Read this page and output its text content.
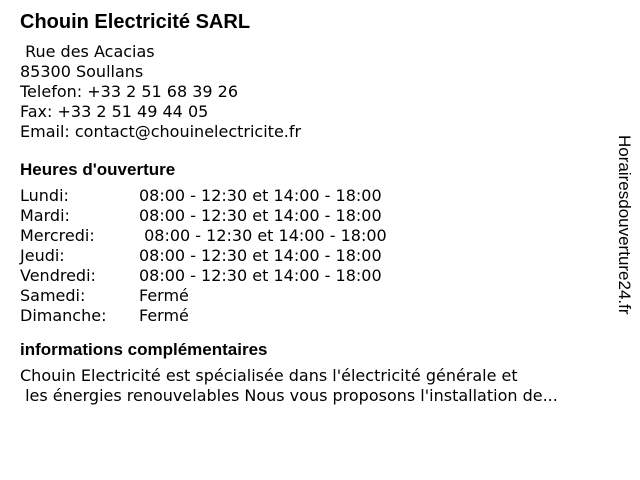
Chouin Electricité SARL
Rue des Acacias
85300 Soullans
Telefon: +33 2 51 68 39 26
Fax: +33 2 51 49 44 05
Email: contact@chouinelectricite.fr
Heures d'ouverture
Lundi:	08:00 - 12:30 et 14:00 - 18:00
Mardi:	08:00 - 12:30 et 14:00 - 18:00
Mercredi:	08:00 - 12:30 et 14:00 - 18:00
Jeudi:	08:00 - 12:30 et 14:00 - 18:00
Vendredi:	08:00 - 12:30 et 14:00 - 18:00
Samedi:	Fermé
Dimanche:	Fermé
informations complémentaires
Chouin Electricité est spécialisée dans l'électricité générale et
les énergies renouvelables Nous vous proposons l'installation de...
Horairesdouverture24.fr
